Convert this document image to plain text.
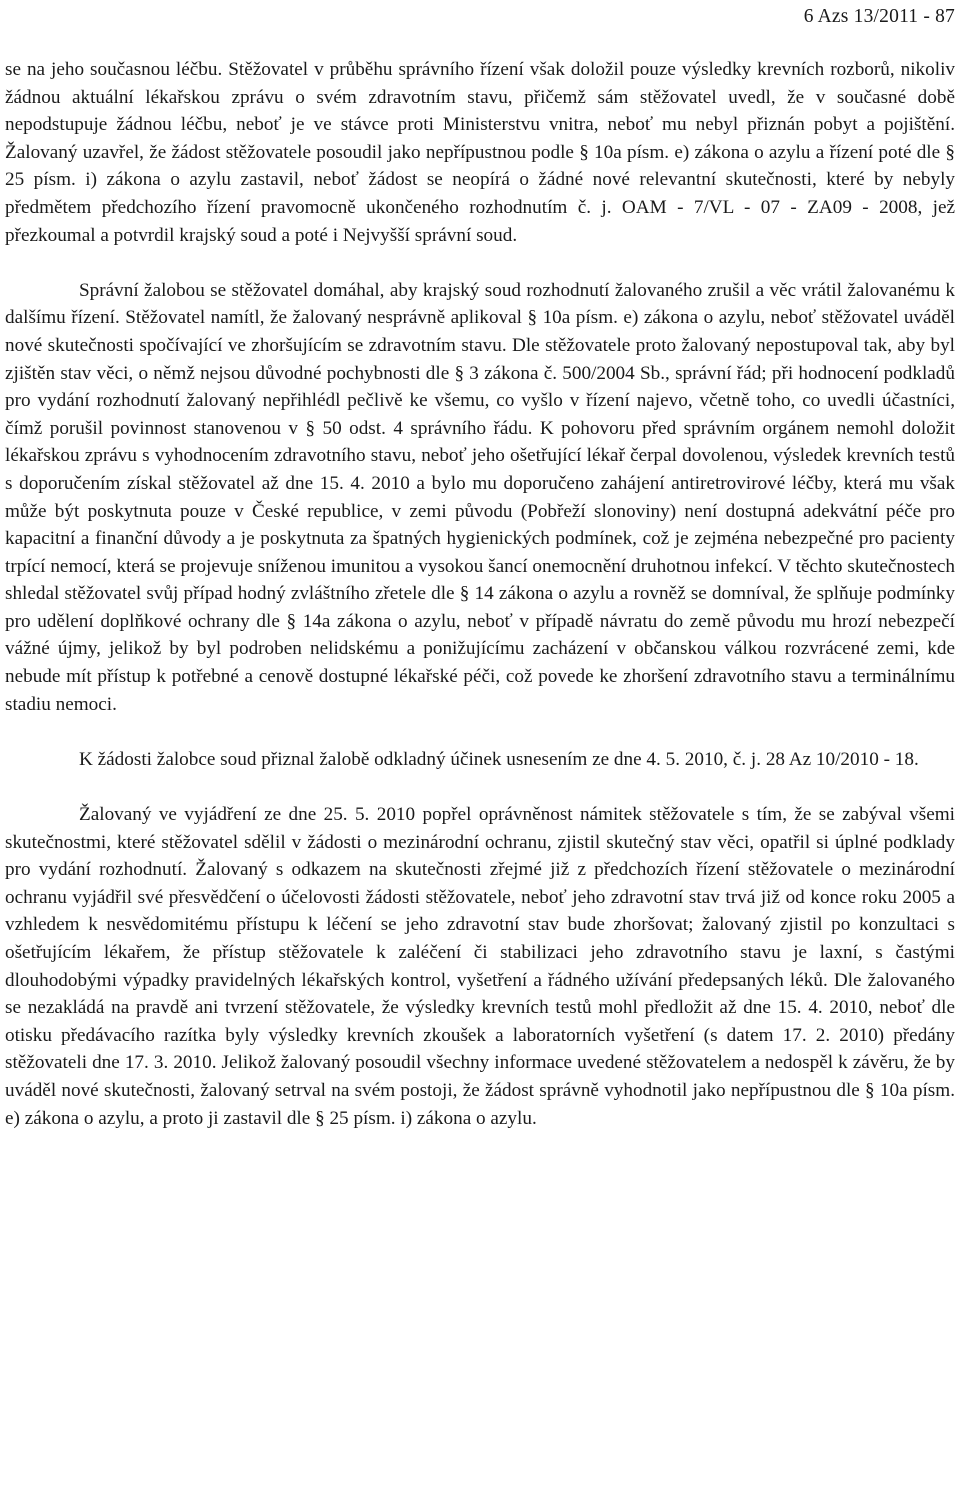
6 Azs 13/2011 - 87

se na jeho současnou léčbu. Stěžovatel v průběhu správního řízení však doložil pouze výsledky krevních rozborů, nikoliv žádnou aktuální lékařskou zprávu o svém zdravotním stavu, přičemž sám stěžovatel uvedl, že v současné době nepodstupuje žádnou léčbu, neboť je ve stávce proti Ministerstvu vnitra, neboť mu nebyl přiznán pobyt a pojištění. Žalovaný uzavřel, že žádost stěžovatele posoudil jako nepřípustnou podle § 10a písm. e) zákona o azylu a řízení poté dle § 25 písm. i) zákona o azylu zastavil, neboť žádost se neopírá o žádné nové relevantní skutečnosti, které by nebyly předmětem předchozího řízení pravomocně ukončeného rozhodnutím č. j. OAM - 7/VL - 07 - ZA09 - 2008, jež přezkoumal a potvrdil krajský soud a poté i Nejvyšší správní soud.

Správní žalobou se stěžovatel domáhal, aby krajský soud rozhodnutí žalovaného zrušil a věc vrátil žalovanému k dalšímu řízení. Stěžovatel namítl, že žalovaný nesprávně aplikoval § 10a písm. e) zákona o azylu, neboť stěžovatel uváděl nové skutečnosti spočívající ve zhoršujícím se zdravotním stavu. Dle stěžovatele proto žalovaný nepostupoval tak, aby byl zjištěn stav věci, o němž nejsou důvodné pochybnosti dle § 3 zákona č. 500/2004 Sb., správní řád; při hodnocení podkladů pro vydání rozhodnutí žalovaný nepřihlédl pečlivě ke všemu, co vyšlo v řízení najevo, včetně toho, co uvedli účastníci, čímž porušil povinnost stanovenou v § 50 odst. 4 správního řádu. K pohovoru před správním orgánem nemohl doložit lékařskou zprávu s vyhodnocením zdravotního stavu, neboť jeho ošetřující lékař čerpal dovolenou, výsledek krevních testů s doporučením získal stěžovatel až dne 15. 4. 2010 a bylo mu doporučeno zahájení antiretrovirové léčby, která mu však může být poskytnuta pouze v České republice, v zemi původu (Pobřeží slonoviny) není dostupná adekvátní péče pro kapacitní a finanční důvody a je poskytnuta za špatných hygienických podmínek, což je zejména nebezpečné pro pacienty trpící nemocí, která se projevuje sníženou imunitou a vysokou šancí onemocnění druhotnou infekcí. V těchto skutečnostech shledal stěžovatel svůj případ hodný zvláštního zřetele dle § 14 zákona o azylu a rovněž se domníval, že splňuje podmínky pro udělení doplňkové ochrany dle § 14a zákona o azylu, neboť v případě návratu do země původu mu hrozí nebezpečí vážné újmy, jelikož by byl podroben nelidskému a ponižujícímu zacházení v občanskou válkou rozvrácené zemi, kde nebude mít přístup k potřebné a cenově dostupné lékařské péči, což povede ke zhoršení zdravotního stavu a terminálnímu stadiu nemoci.

K žádosti žalobce soud přiznal žalobě odkladný účinek usnesením ze dne 4. 5. 2010, č. j. 28 Az 10/2010 - 18.

Žalovaný ve vyjádření ze dne 25. 5. 2010 popřel oprávněnost námitek stěžovatele s tím, že se zabýval všemi skutečnostmi, které stěžovatel sdělil v žádosti o mezinárodní ochranu, zjistil skutečný stav věci, opatřil si úplné podklady pro vydání rozhodnutí. Žalovaný s odkazem na skutečnosti zřejmé již z předchozích řízení stěžovatele o mezinárodní ochranu vyjádřil své přesvědčení o účelovosti žádosti stěžovatele, neboť jeho zdravotní stav trvá již od konce roku 2005 a vzhledem k nesvědomitému přístupu k léčení se jeho zdravotní stav bude zhoršovat; žalovaný zjistil po konzultaci s ošetřujícím lékařem, že přístup stěžovatele k zaléčení či stabilizaci jeho zdravotního stavu je laxní, s častými dlouhodobými výpadky pravidelných lékařských kontrol, vyšetření a řádného užívání předepsaných léků. Dle žalovaného se nezakládá na pravdě ani tvrzení stěžovatele, že výsledky krevních testů mohl předložit až dne 15. 4. 2010, neboť dle otisku předávacího razítka byly výsledky krevních zkoušek a laboratorních vyšetření (s datem 17. 2. 2010) předány stěžovateli dne 17. 3. 2010. Jelikož žalovaný posoudil všechny informace uvedené stěžovatelem a nedospěl k závěru, že by uváděl nové skutečnosti, žalovaný setrval na svém postoji, že žádost správně vyhodnotil jako nepřípustnou dle § 10a písm. e) zákona o azylu, a proto ji zastavil dle § 25 písm. i) zákona o azylu.
